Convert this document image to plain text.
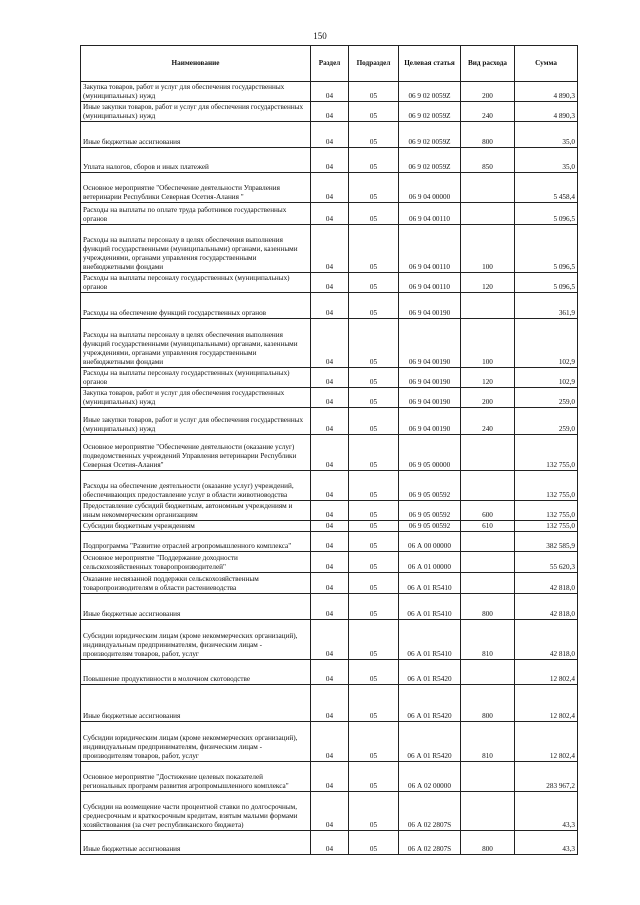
150
Наименование	Раздел	Подраздел	Целевая статья	Вид расхода	Сумма
Закупка товаров, работ и услуг для обеспечения государственных (муниципальных) нужд	04	05	06 9 02 0059Z	200	4 890,3
Иные закупки товаров, работ и услуг для обеспечения государственных (муниципальных) нужд	04	05	06 9 02 0059Z	240	4 890,3
Иные бюджетные ассигнования	04	05	06 9 02 0059Z	800	35,0
Уплата налогов, сборов и иных платежей	04	05	06 9 02 0059Z	850	35,0
Основное мероприятие "Обеспечение деятельности Управления ветеринарии Республики Северная Осетия-Алания "	04	05	06 9 04 00000		5 458,4
Расходы на выплаты по оплате труда работников государственных органов	04	05	06 9 04 00110		5 096,5
Расходы на выплаты персоналу в целях обеспечения выполнения функций государственными (муниципальными) органами, казенными учреждениями, органами управления государственными внебюджетными фондами	04	05	06 9 04 00110	100	5 096,5
Расходы на выплаты персоналу государственных (муниципальных) органов	04	05	06 9 04 00110	120	5 096,5
Расходы на обеспечение функций государственных органов	04	05	06 9 04 00190		361,9
Расходы на выплаты персоналу в целях обеспечения выполнения функций государственными (муниципальными) органами, казенными учреждениями, органами управления государственными внебюджетными фондами	04	05	06 9 04 00190	100	102,9
Расходы на выплаты персоналу государственных (муниципальных) органов	04	05	06 9 04 00190	120	102,9
Закупка товаров, работ и услуг для обеспечения государственных (муниципальных) нужд	04	05	06 9 04 00190	200	259,0
Иные закупки товаров, работ и услуг для обеспечения государственных (муниципальных) нужд	04	05	06 9 04 00190	240	259,0
Основное мероприятие "Обеспечение деятельности (оказание услуг) подведомственных учреждений Управления ветеринарии Республики Северная Осетия-Алания"	04	05	06 9 05 00000		132 755,0
Расходы на обеспечение деятельности (оказание услуг) учреждений, обеспечивающих предоставление услуг в области животноводства	04	05	06 9 05 00592		132 755,0
Предоставление субсидий бюджетным, автономным учреждениям и иным некоммерческим организациям	04	05	06 9 05 00592	600	132 755,0
Субсидии бюджетным учреждениям	04	05	06 9 05 00592	610	132 755,0
Подпрограмма "Развитие отраслей агропромышленного комплекса"	04	05	06 А 00 00000		382 585,9
Основное мероприятие "Поддержание доходности сельскохозяйственных товаропроизводителей"	04	05	06 А 01 00000		55 620,3
Оказание несвязанной поддержки сельскохозяйственным товаропроизводителям в области растениеводства	04	05	06 А 01 R5410		42 818,0
Иные бюджетные ассигнования	04	05	06 А 01 R5410	800	42 818,0
Субсидии юридическим лицам (кроме некоммерческих организаций), индивидуальным предпринимателям, физическим лицам - производителям товаров, работ, услуг	04	05	06 А 01 R5410	810	42 818,0
Повышение продуктивности в молочном скотоводстве	04	05	06 А 01 R5420		12 802,4
Иные бюджетные ассигнования	04	05	06 А 01 R5420	800	12 802,4
Субсидии юридическим лицам (кроме некоммерческих организаций), индивидуальным предпринимателям, физическим лицам - производителям товаров, работ, услуг	04	05	06 А 01 R5420	810	12 802,4
Основное мероприятие "Достижение целевых показателей региональных программ развития агропромышленного комплекса"	04	05	06 А 02 00000		283 967,2
Субсидии на возмещение части процентной ставки по долгосрочным, среднесрочным и краткосрочным кредитам, взятым малыми формами хозяйствования (за счет республиканского бюджета)	04	05	06 А 02 2807S		43,3
Иные бюджетные ассигнования	04	05	06 А 02 2807S	800	43,3
